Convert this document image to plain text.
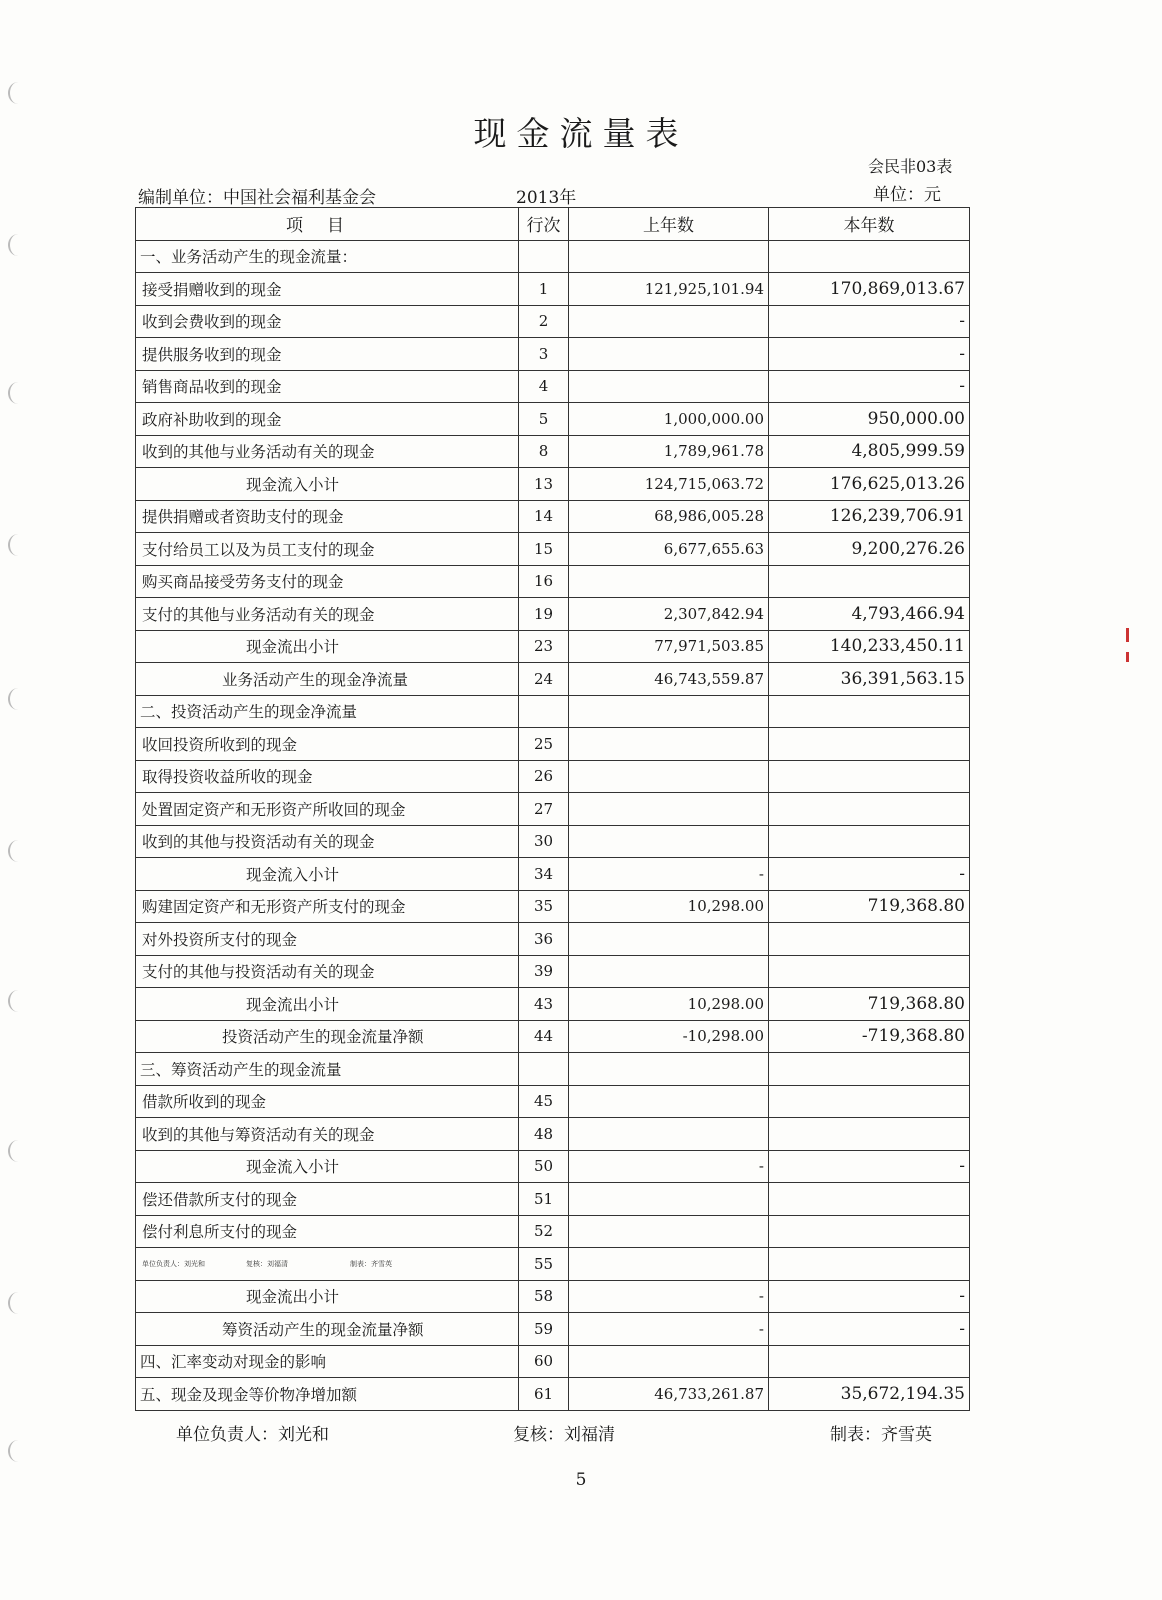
现金流量表
会民非03表
编制单位：中国社会福利基金会	2013年	单位：元
项目	行次	上年数	本年数
一、业务活动产生的现金流量：			
接受捐赠收到的现金	1	121,925,101.94	170,869,013.67
收到会费收到的现金	2		-
提供服务收到的现金	3		-
销售商品收到的现金	4		-
政府补助收到的现金	5	1,000,000.00	950,000.00
收到的其他与业务活动有关的现金	8	1,789,961.78	4,805,999.59
现金流入小计	13	124,715,063.72	176,625,013.26
提供捐赠或者资助支付的现金	14	68,986,005.28	126,239,706.91
支付给员工以及为员工支付的现金	15	6,677,655.63	9,200,276.26
购买商品接受劳务支付的现金	16		
支付的其他与业务活动有关的现金	19	2,307,842.94	4,793,466.94
现金流出小计	23	77,971,503.85	140,233,450.11
业务活动产生的现金净流量	24	46,743,559.87	36,391,563.15
二、投资活动产生的现金净流量			
收回投资所收到的现金	25		
取得投资收益所收的现金	26		
处置固定资产和无形资产所收回的现金	27		
收到的其他与投资活动有关的现金	30		
现金流入小计	34	-	-
购建固定资产和无形资产所支付的现金	35	10,298.00	719,368.80
对外投资所支付的现金	36		
支付的其他与投资活动有关的现金	39		
现金流出小计	43	10,298.00	719,368.80
投资活动产生的现金流量净额	44	-10,298.00	-719,368.80
三、筹资活动产生的现金流量			
借款所收到的现金	45		
收到的其他与筹资活动有关的现金	48		
现金流入小计	50	-	-
偿还借款所支付的现金	51		
偿付利息所支付的现金	52		
单位负责人：刘光和 复核：刘福清 制表：齐雪英	55		
现金流出小计	58	-	-
筹资活动产生的现金流量净额	59	-	-
四、汇率变动对现金的影响	60		
五、现金及现金等价物净增加额	61	46,733,261.87	35,672,194.35
单位负责人：刘光和	复核：刘福清	制表：齐雪英
5
